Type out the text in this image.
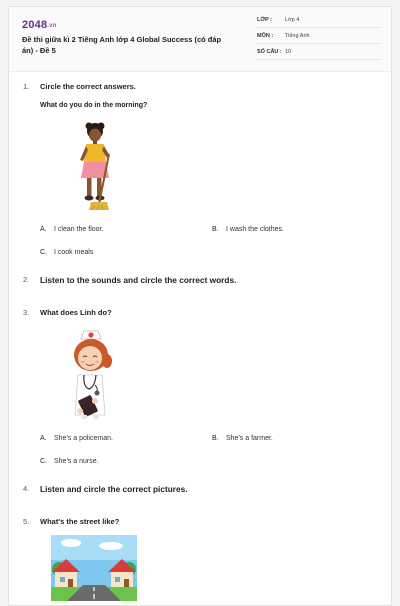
2048.vn
Đề thi giữa kì 2 Tiếng Anh lớp 4 Global Success (có đáp án) - Đề 5
LỚP : Lớp 4
MÔN : Tiếng Anh
SỐ CÂU : 10
1. Circle the correct answers.
What do you do in the morning?
A. I clean the floor.	B. I wash the clothes.
C. I cook meals
2. Listen to the sounds and circle the correct words.
3. What does Linh do?
A. She's a policeman.	B. She's a farmer.
C. She's a nurse.
4. Listen and circle the correct pictures.
5. What's the street like?
